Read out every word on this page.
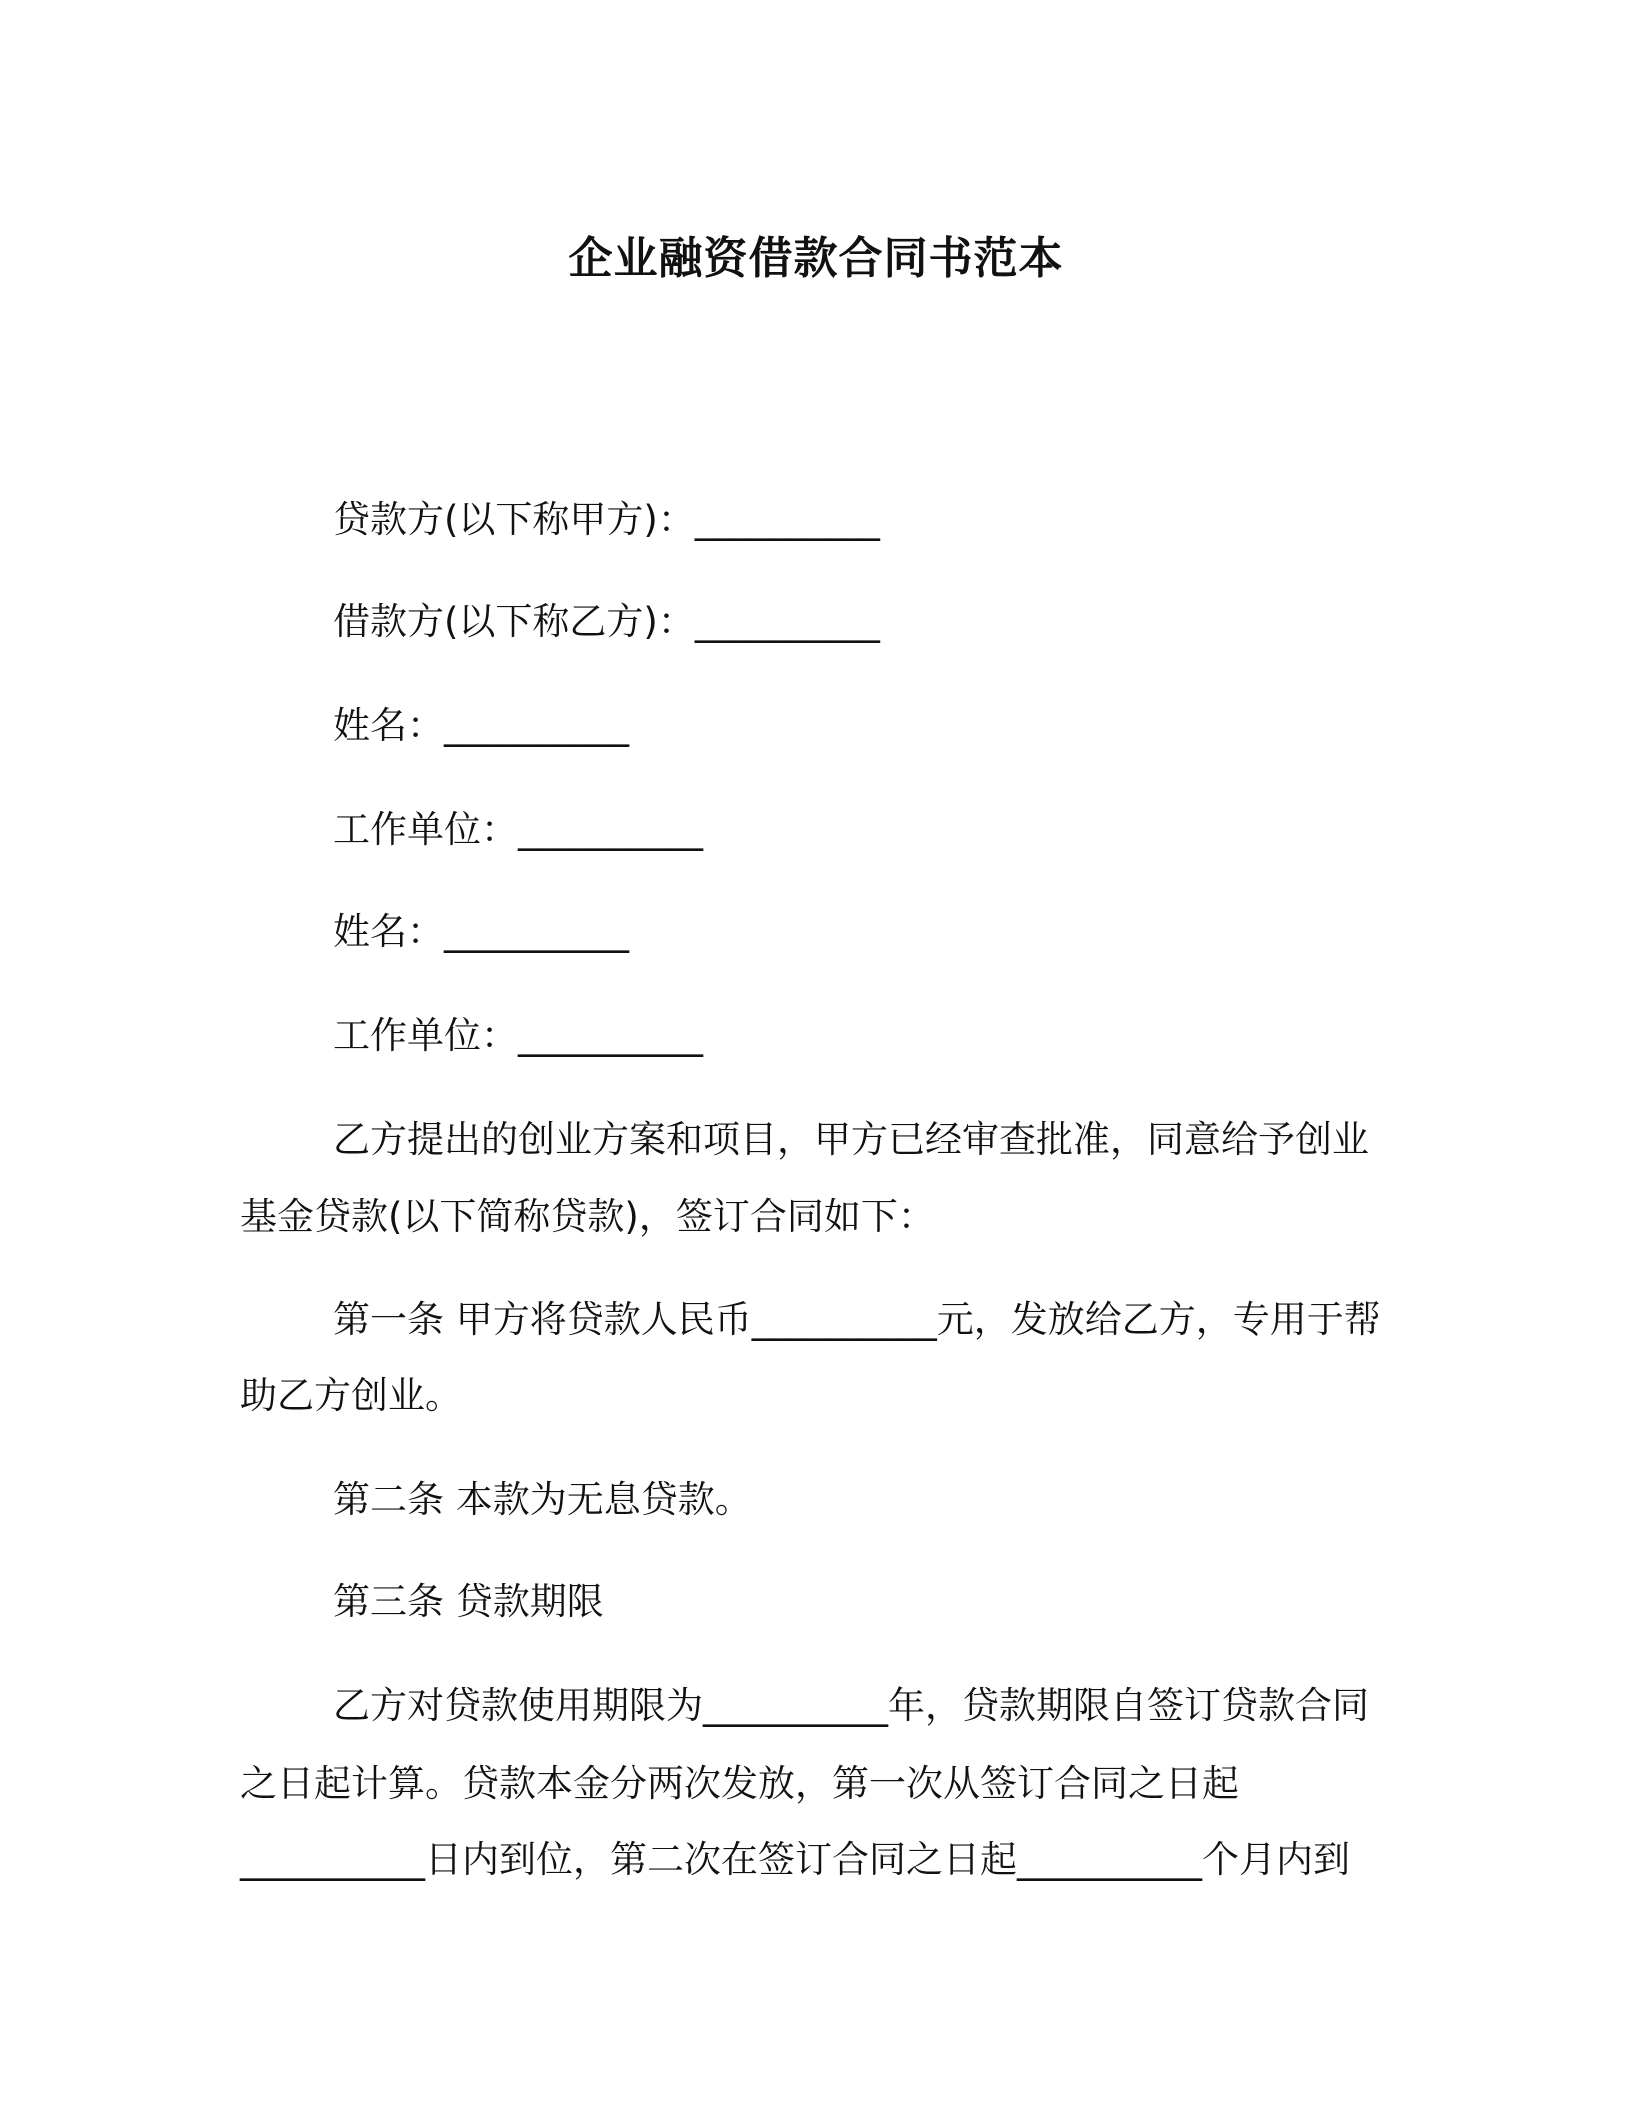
企业融资借款合同书范本
贷款方(以下称甲方)：__________
借款方(以下称乙方)：__________
姓名：__________
工作单位：__________
姓名：__________
工作单位：__________
乙方提出的创业方案和项目，甲方已经审查批准，同意给予创业
基金贷款(以下简称贷款)，签订合同如下：
第一条 甲方将贷款人民币__________元，发放给乙方，专用于帮
助乙方创业。
第二条 本款为无息贷款。
第三条 贷款期限
乙方对贷款使用期限为__________年，贷款期限自签订贷款合同
之日起计算。贷款本金分两次发放，第一次从签订合同之日起
__________日内到位，第二次在签订合同之日起__________个月内到
